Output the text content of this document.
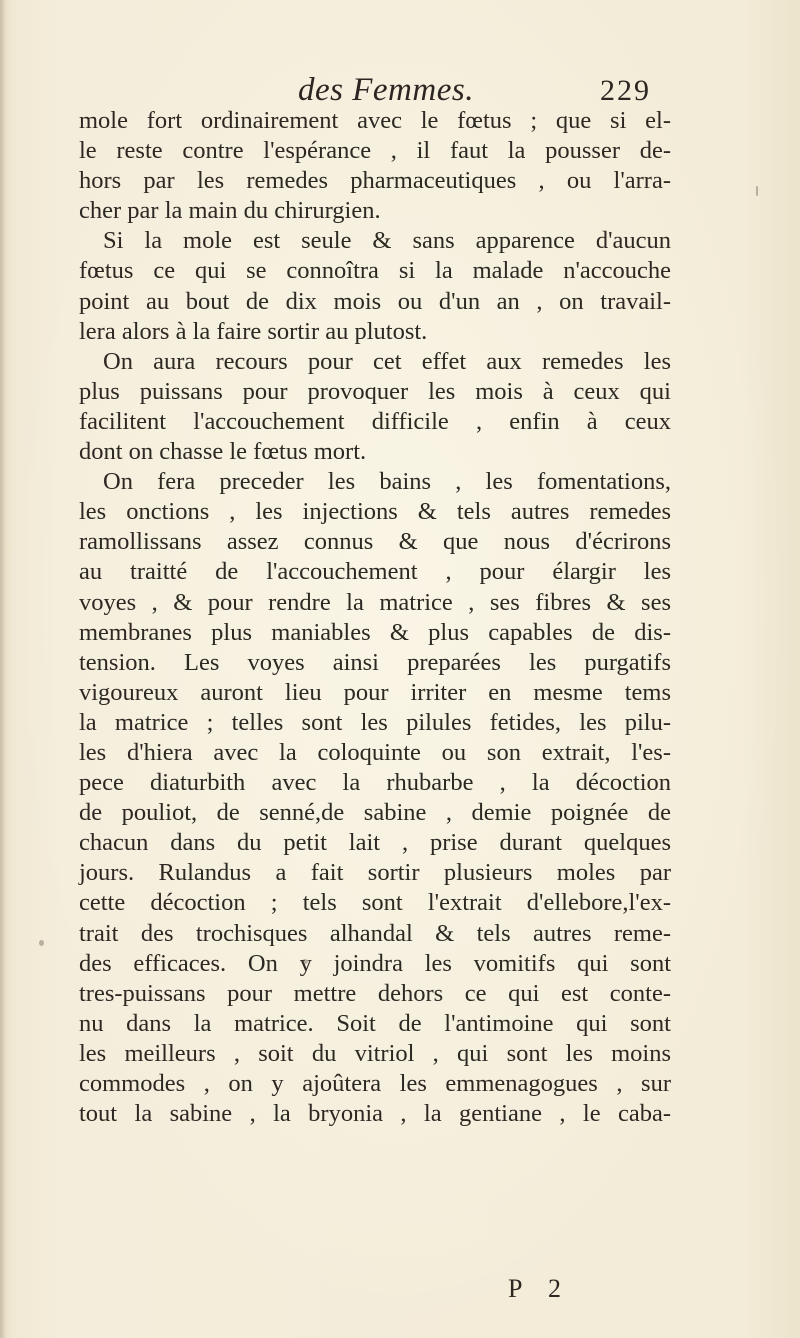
des Femmes.	229
mole fort ordinairement avec le fœtus ; que si el-
le reste contre l'espérance , il faut la pousser de-
hors par les remedes pharmaceutiques , ou l'arra-
cher par la main du chirurgien.
Si la mole est seule & sans apparence d'aucun
fœtus ce qui se connoîtra si la malade n'accouche
point au bout de dix mois ou d'un an , on travail-
lera alors à la faire sortir au plutost.
On aura recours pour cet effet aux remedes les
plus puissans pour provoquer les mois à ceux qui
facilitent l'accouchement difficile , enfin à ceux
dont on chasse le fœtus mort.
On fera preceder les bains , les fomentations,
les onctions , les injections & tels autres remedes
ramollissans assez connus & que nous d'écrirons
au traitté de l'accouchement , pour élargir les
voyes , & pour rendre la matrice , ses fibres & ses
membranes plus maniables & plus capables de dis-
tension. Les voyes ainsi preparées les purgatifs
vigoureux auront lieu pour irriter en mesme tems
la matrice ; telles sont les pilules fetides, les pilu-
les d'hiera avec la coloquinte ou son extrait, l'es-
pece diaturbith avec la rhubarbe , la décoction
de pouliot, de senné,de sabine , demie poignée de
chacun dans du petit lait , prise durant quelques
jours. Rulandus a fait sortir plusieurs moles par
cette décoction ; tels sont l'extrait d'ellebore,l'ex-
trait des trochisques alhandal & tels autres reme-
des efficaces. On y joindra les vomitifs qui sont
tres-puissans pour mettre dehors ce qui est conte-
nu dans la matrice. Soit de l'antimoine qui sont
les meilleurs , soit du vitriol , qui sont les moins
commodes , on y ajoûtera les emmenagogues , sur
tout la sabine , la bryonia , la gentiane , le caba-
P 2
